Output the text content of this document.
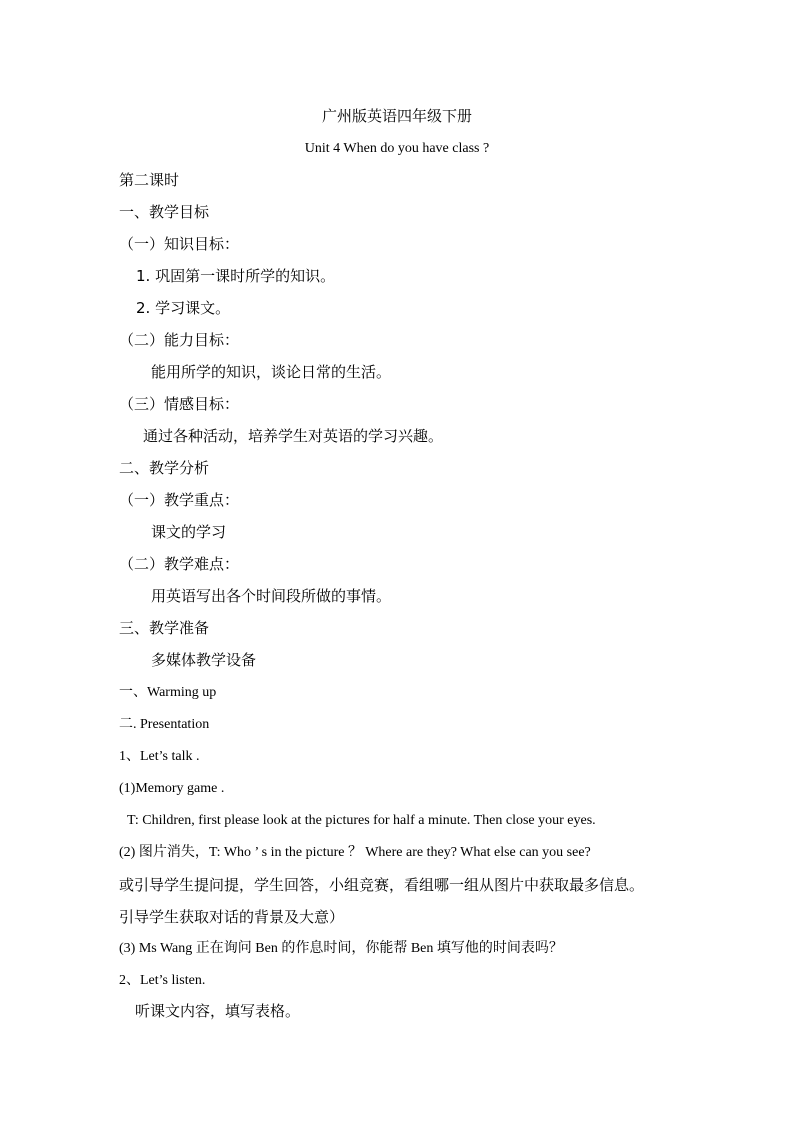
广州版英语四年级下册
Unit 4 When do you have class ?
第二课时
一、教学目标
（一）知识目标：
1. 巩固第一课时所学的知识。
2. 学习课文。
（二）能力目标：
能用所学的知识，谈论日常的生活。
（三）情感目标：
通过各种活动，培养学生对英语的学习兴趣。
二、教学分析
（一）教学重点：
课文的学习
（二）教学难点：
用英语写出各个时间段所做的事情。
三、教学准备
多媒体教学设备
一、Warming up
二. Presentation
1、Let’s talk .
(1)Memory game .
T: Children, first please look at the pictures for half a minute. Then close your eyes.
(2) 图片消失，T: Who ’ s in the picture ？ Where are they? What else can you see?
或引导学生提问提，学生回答，小组竞赛，看组哪一组从图片中获取最多信息。
引导学生获取对话的背景及大意）
(3) Ms Wang 正在询问 Ben 的作息时间，你能帮 Ben 填写他的时间表吗？
2、Let’s listen.
听课文内容，填写表格。
